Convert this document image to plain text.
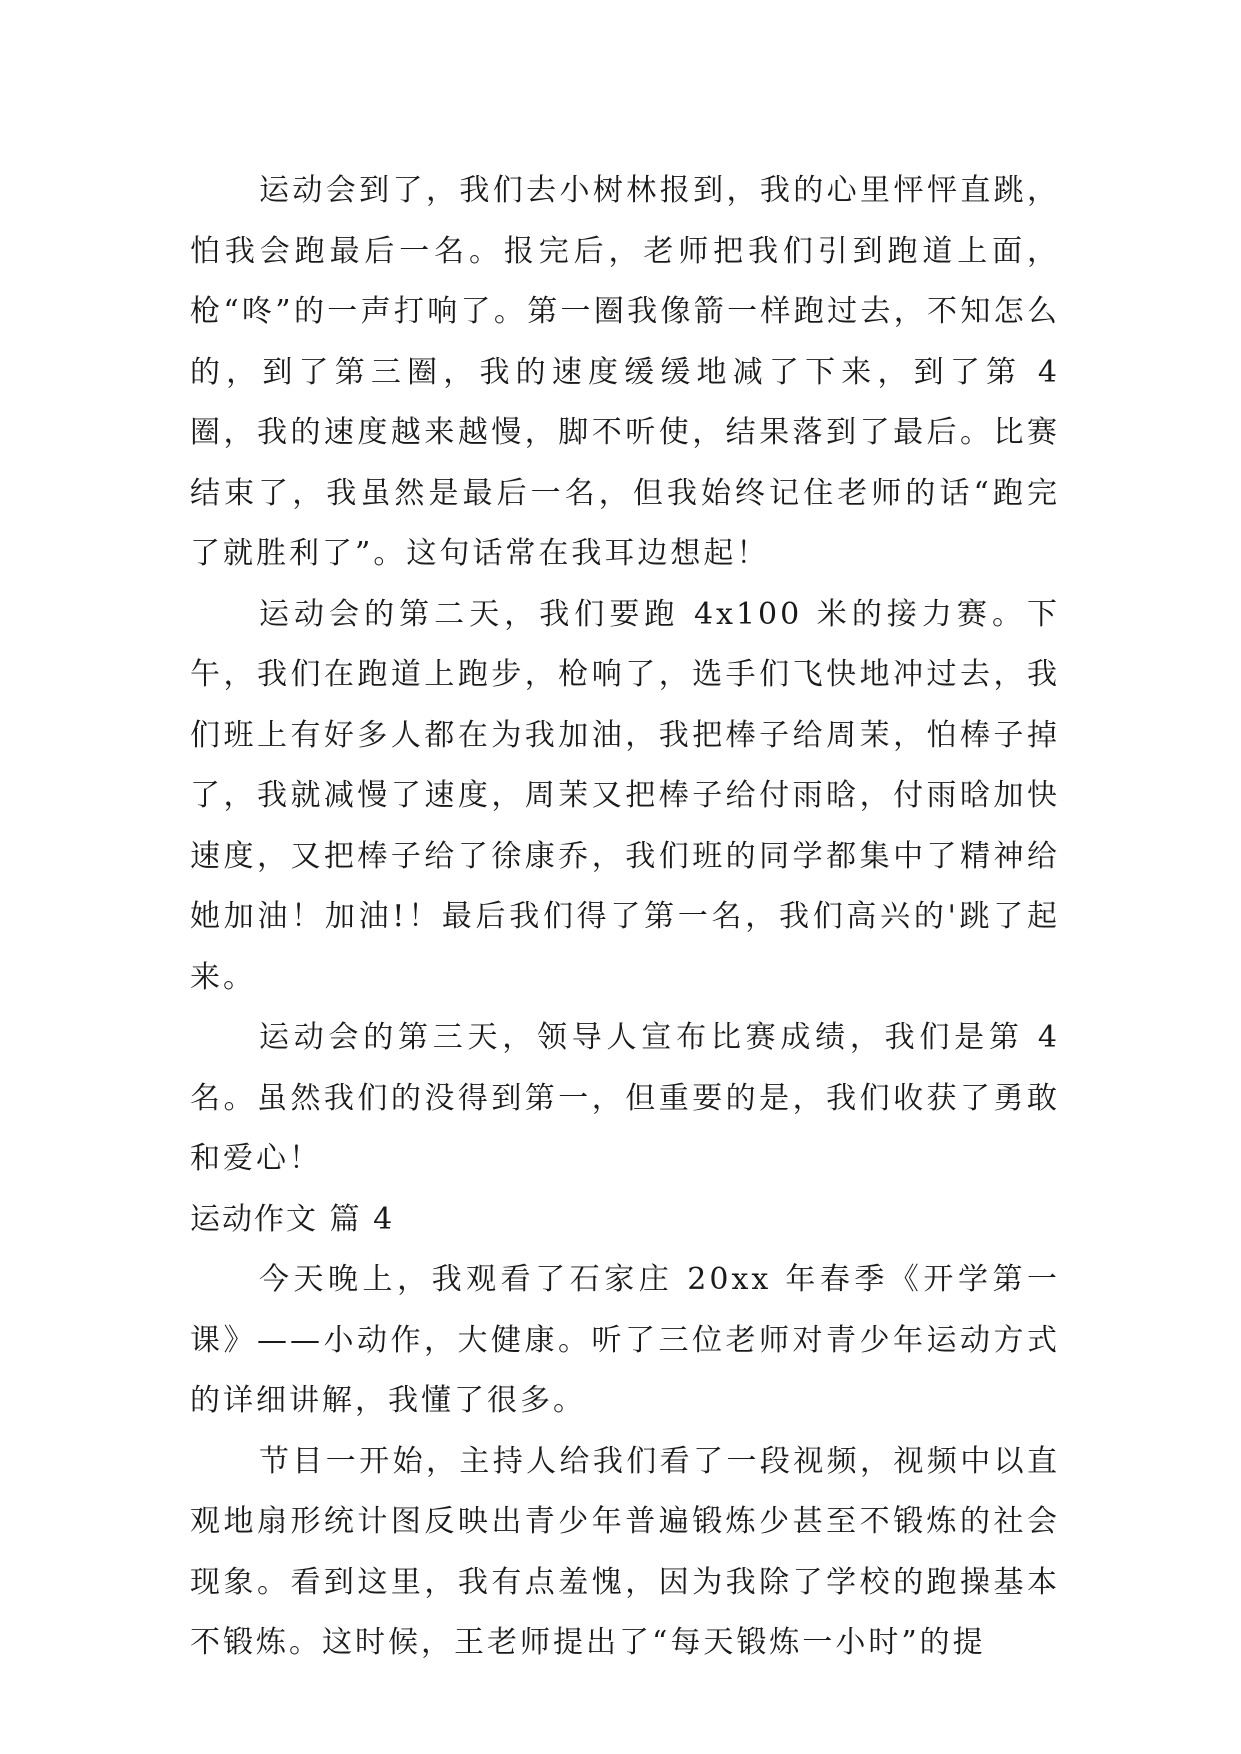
运动会到了，我们去小树林报到，我的心里怦怦直跳，怕我会跑最后一名。报完后，老师把我们引到跑道上面，枪“咚”的一声打响了。第一圈我像箭一样跑过去，不知怎么的，到了第三圈，我的速度缓缓地减了下来，到了第 4 圈，我的速度越来越慢，脚不听使，结果落到了最后。比赛结束了，我虽然是最后一名，但我始终记住老师的话“跑完了就胜利了”。这句话常在我耳边想起！

运动会的第二天，我们要跑 4x100 米的接力赛。下午，我们在跑道上跑步，枪响了，选手们飞快地冲过去，我们班上有好多人都在为我加油，我把棒子给周茉，怕棒子掉了，我就减慢了速度，周茉又把棒子给付雨晗，付雨晗加快速度，又把棒子给了徐康乔，我们班的同学都集中了精神给她加油！加油!！最后我们得了第一名，我们高兴的'跳了起来。

运动会的第三天，领导人宣布比赛成绩，我们是第 4 名。虽然我们的没得到第一，但重要的是，我们收获了勇敢和爱心！

运动作文 篇 4

今天晚上，我观看了石家庄 20xx 年春季《开学第一课》——小动作，大健康。听了三位老师对青少年运动方式的详细讲解，我懂了很多。

节目一开始，主持人给我们看了一段视频，视频中以直观地扇形统计图反映出青少年普遍锻炼少甚至不锻炼的社会现象。看到这里，我有点羞愧，因为我除了学校的跑操基本不锻炼。这时候，王老师提出了“每天锻炼一小时”的提
